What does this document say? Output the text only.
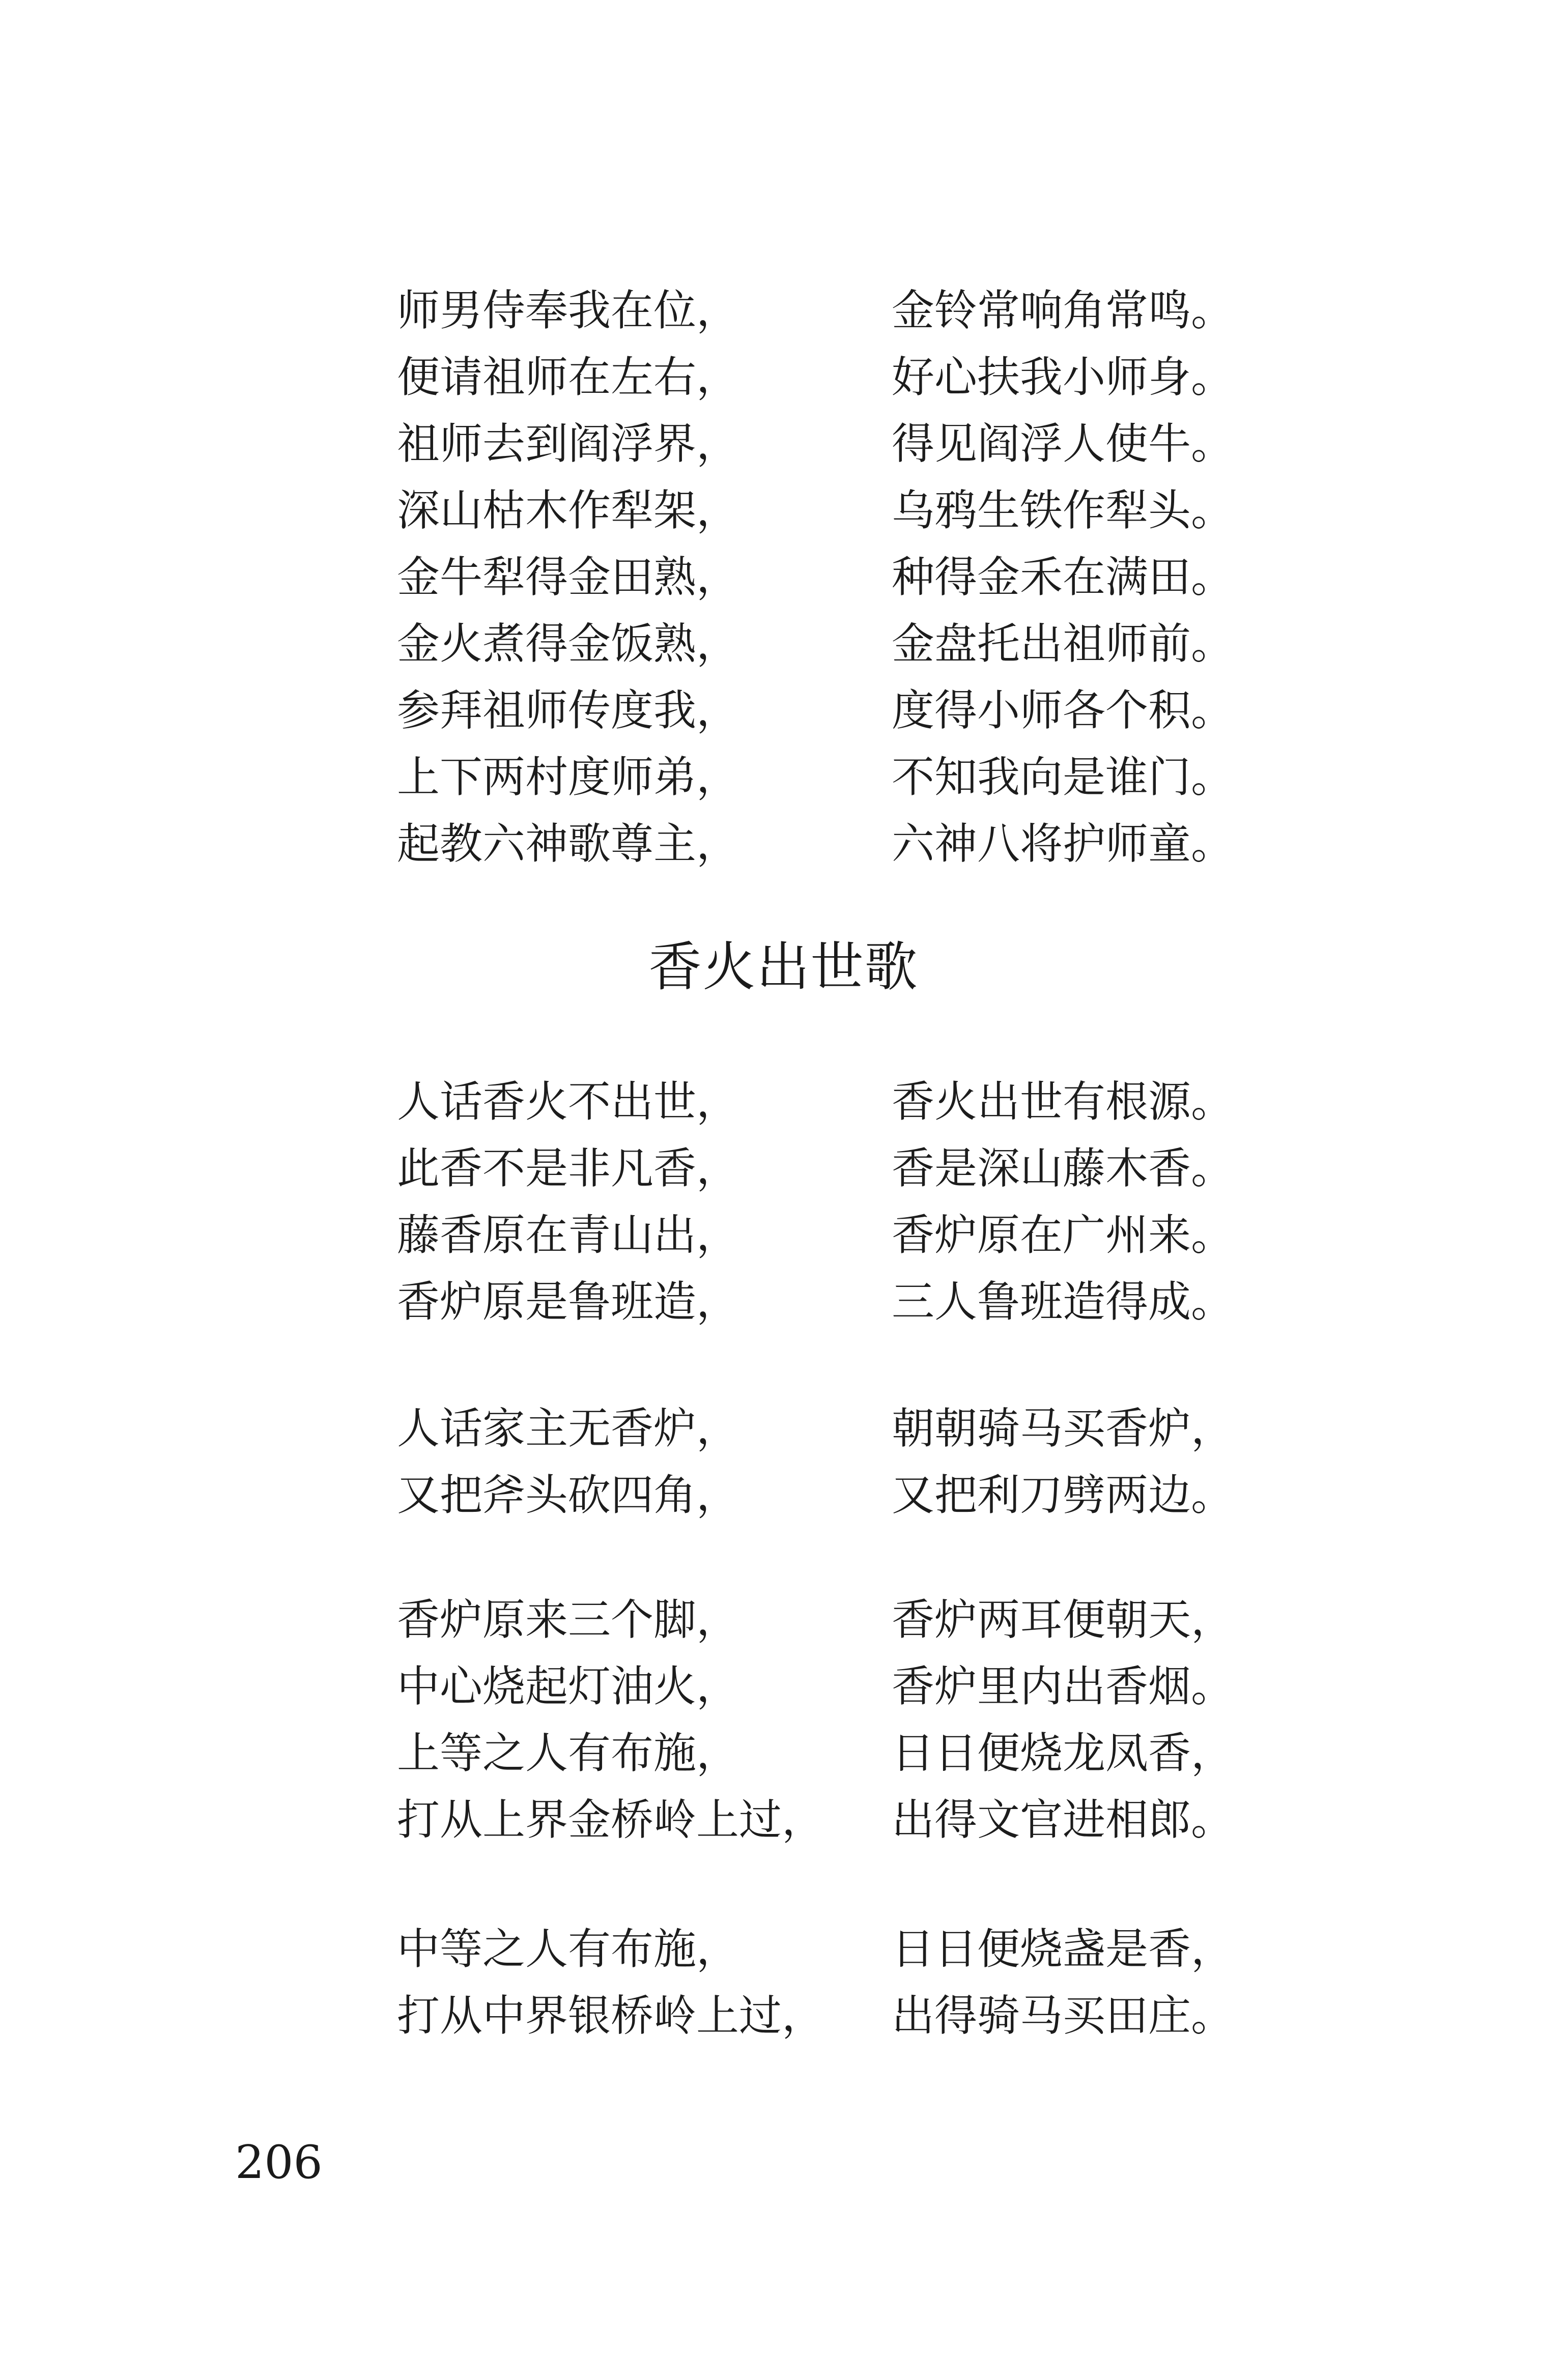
师男侍奉我在位，	金铃常响角常鸣。
便请祖师在左右，	好心扶我小师身。
祖师去到阎浮界，	得见阎浮人使牛。
深山枯木作犁架，	乌鸦生铁作犁头。
金牛犁得金田熟，	种得金禾在满田。
金火煮得金饭熟，	金盘托出祖师前。
参拜祖师传度我，	度得小师各个积。
上下两村度师弟，	不知我向是谁门。
起教六神歌尊主，	六神八将护师童。
香火出世歌
人话香火不出世，	香火出世有根源。
此香不是非凡香，	香是深山藤木香。
藤香原在青山出，	香炉原在广州来。
香炉原是鲁班造，	三人鲁班造得成。
人话家主无香炉，	朝朝骑马买香炉，
又把斧头砍四角，	又把利刀劈两边。
香炉原来三个脚，	香炉两耳便朝天，
中心烧起灯油火，	香炉里内出香烟。
上等之人有布施，	日日便烧龙凤香，
打从上界金桥岭上过， 出得文官进相郎。
中等之人有布施，	日日便烧盏是香，
打从中界银桥岭上过， 出得骑马买田庄。
206
